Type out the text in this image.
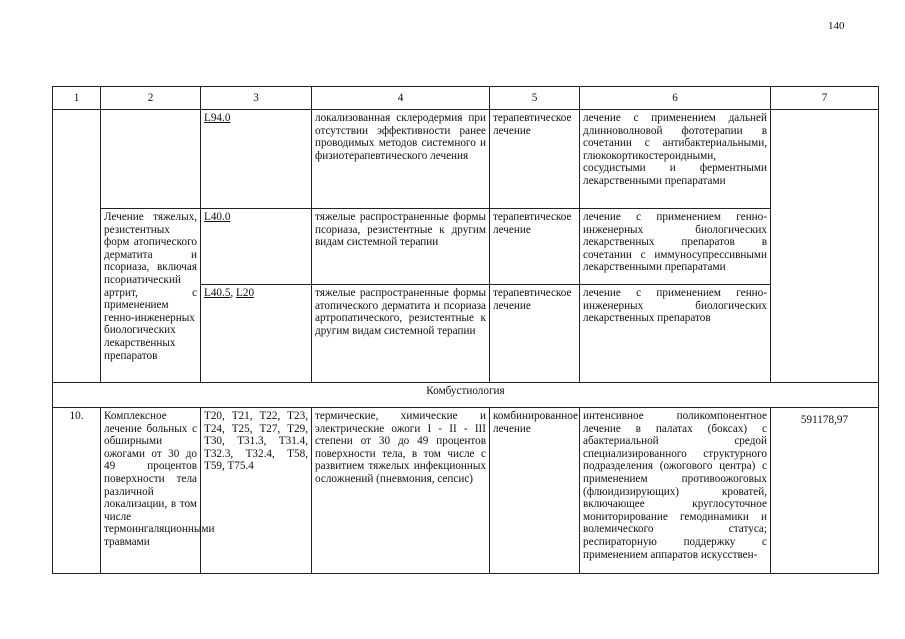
140
1	2	3	4	5	6	7
		L94.0	локализованная склеродермия при отсутствии эффективности ранее проводимых методов системного и физиотерапевтического лечения	терапевтическое лечение	лечение с применением дальней длинноволновой фототерапии в сочетании с антибактериальными, глюкокортикостероидными, сосудистыми и ферментными лекарственными препаратами	
	Лечение тяжелых, резистентных форм атопического дерматита и псориаза, включая псориатический артрит, с применением генно-инженерных биологических лекарственных препаратов	L40.0	тяжелые распространенные формы псориаза, резистентные к другим видам системной терапии	терапевтическое лечение	лечение с применением генно-инженерных биологических лекарственных препаратов в сочетании с иммуносупрессивными лекарственными препаратами	
		L40.5, L20	тяжелые распространенные формы атопического дерматита и псориаза артропатического, резистентные к другим видам системной терапии	терапевтическое лечение	лечение с применением генно-инженерных биологических лекарственных препаратов	
Комбустиология						
10.	Комплексное лечение больных с обширными ожогами от 30 до 49 процентов поверхности тела различной локализации, в том числе термоингаляционными травмами	T20, T21, T22, T23, T24, T25, T27, T29, T30, T31.3, T31.4, T32.3, T32.4, T58, T59, T75.4	термические, химические и электрические ожоги I - II - III степени от 30 до 49 процентов поверхности тела, в том числе с развитием тяжелых инфекционных осложнений (пневмония, сепсис)	комбинированное лечение	интенсивное поликомпонентное лечение в палатах (боксах) с абактериальной средой специализированного структурного подразделения (ожогового центра) с применением противоожоговых (флюидизирующих) кроватей, включающее круглосуточное мониторирование гемодинамики и волемического статуса; респираторную поддержку с применением аппаратов искусствен-	591178,97
